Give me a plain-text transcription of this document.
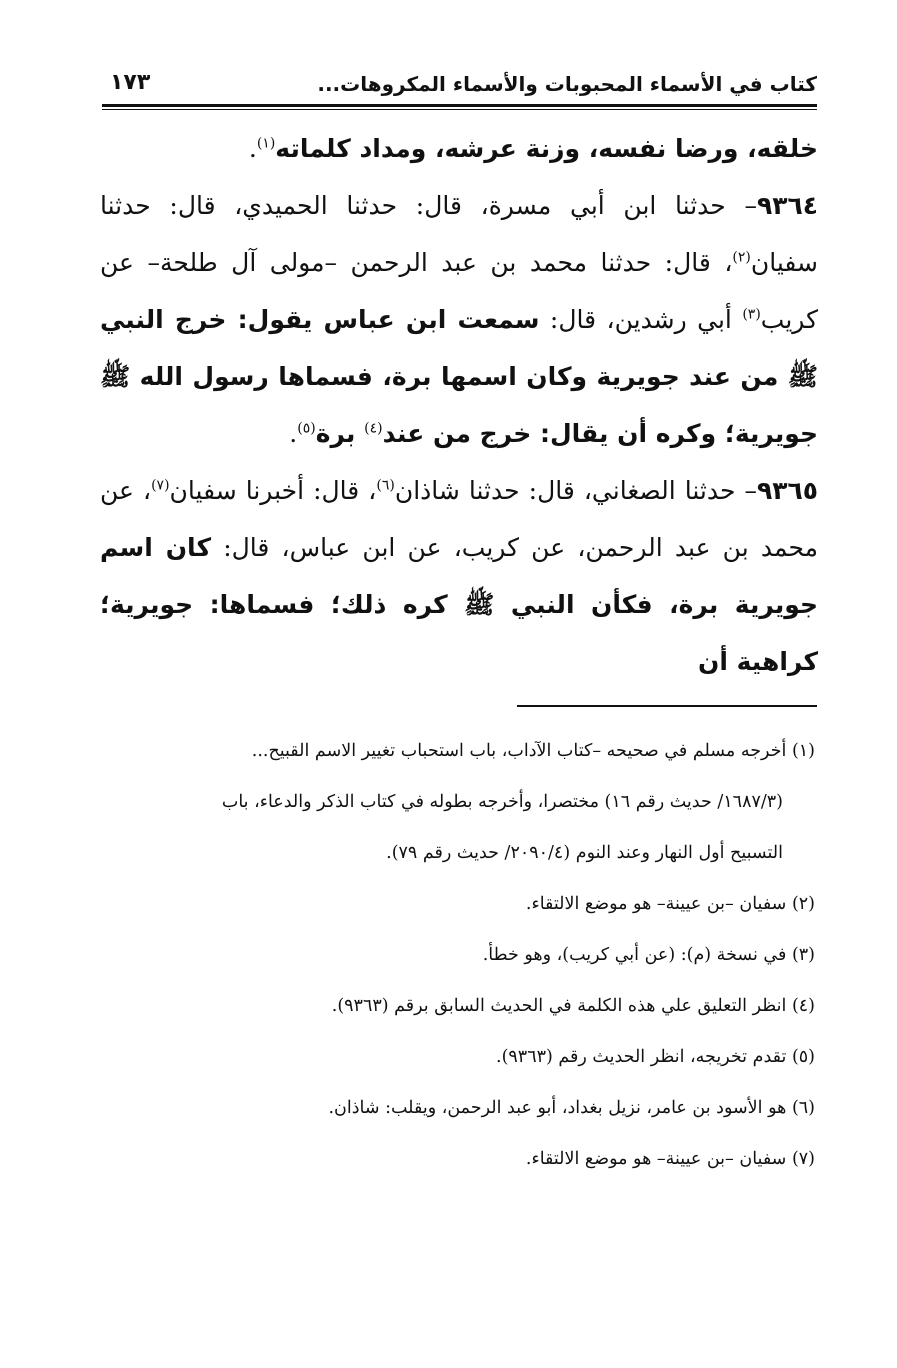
كتاب في الأسماء المحبوبات والأسماء المكروهات...
١٧٣

خلقه، ورضا نفسه، وزنة عرشه، ومداد كلماته$^{(١)}$.

٩٣٦٤– حدثنا ابن أبي مسرة، قال: حدثنا الحميدي، قال: حدثنا سفيان$^{(٢)}$، قال: حدثنا محمد بن عبد الرحمن –مولى آل طلحة– عن كريب$^{(٣)}$ أبي رشدين، قال: سمعت ابن عباس يقول: خرج النبي ﷺ من عند جويرية وكان اسمها برة، فسماها رسول الله ﷺ جويرية؛ وكره أن يقال: خرج من عند$^{(٤)}$ برة$^{(٥)}$.

٩٣٦٥– حدثنا الصغاني، قال: حدثنا شاذان$^{(٦)}$، قال: أخبرنا سفيان$^{(٧)}$، عن محمد بن عبد الرحمن، عن كريب، عن ابن عباس، قال: كان اسم جويرية برة، فكأن النبي ﷺ كره ذلك؛ فسماها: جويرية؛ كراهية أن

(١) أخرجه مسلم في صحيحه –كتاب الآداب، باب استحباب تغيير الاسم القبيح...
(١٦٨٧/٣/ حديث رقم ١٦) مختصرا، وأخرجه بطوله في كتاب الذكر والدعاء، باب
التسبيح أول النهار وعند النوم (٢٠٩٠/٤/ حديث رقم ٧٩).
(٢) سفيان –بن عيينة– هو موضع الالتقاء.
(٣) في نسخة (م): (عن أبي كريب)، وهو خطأ.
(٤) انظر التعليق علي هذه الكلمة في الحديث السابق برقم (٩٣٦٣).
(٥) تقدم تخريجه، انظر الحديث رقم (٩٣٦٣).
(٦) هو الأسود بن عامر، نزيل بغداد، أبو عبد الرحمن، ويقلب: شاذان.
(٧) سفيان –بن عيينة– هو موضع الالتقاء.
